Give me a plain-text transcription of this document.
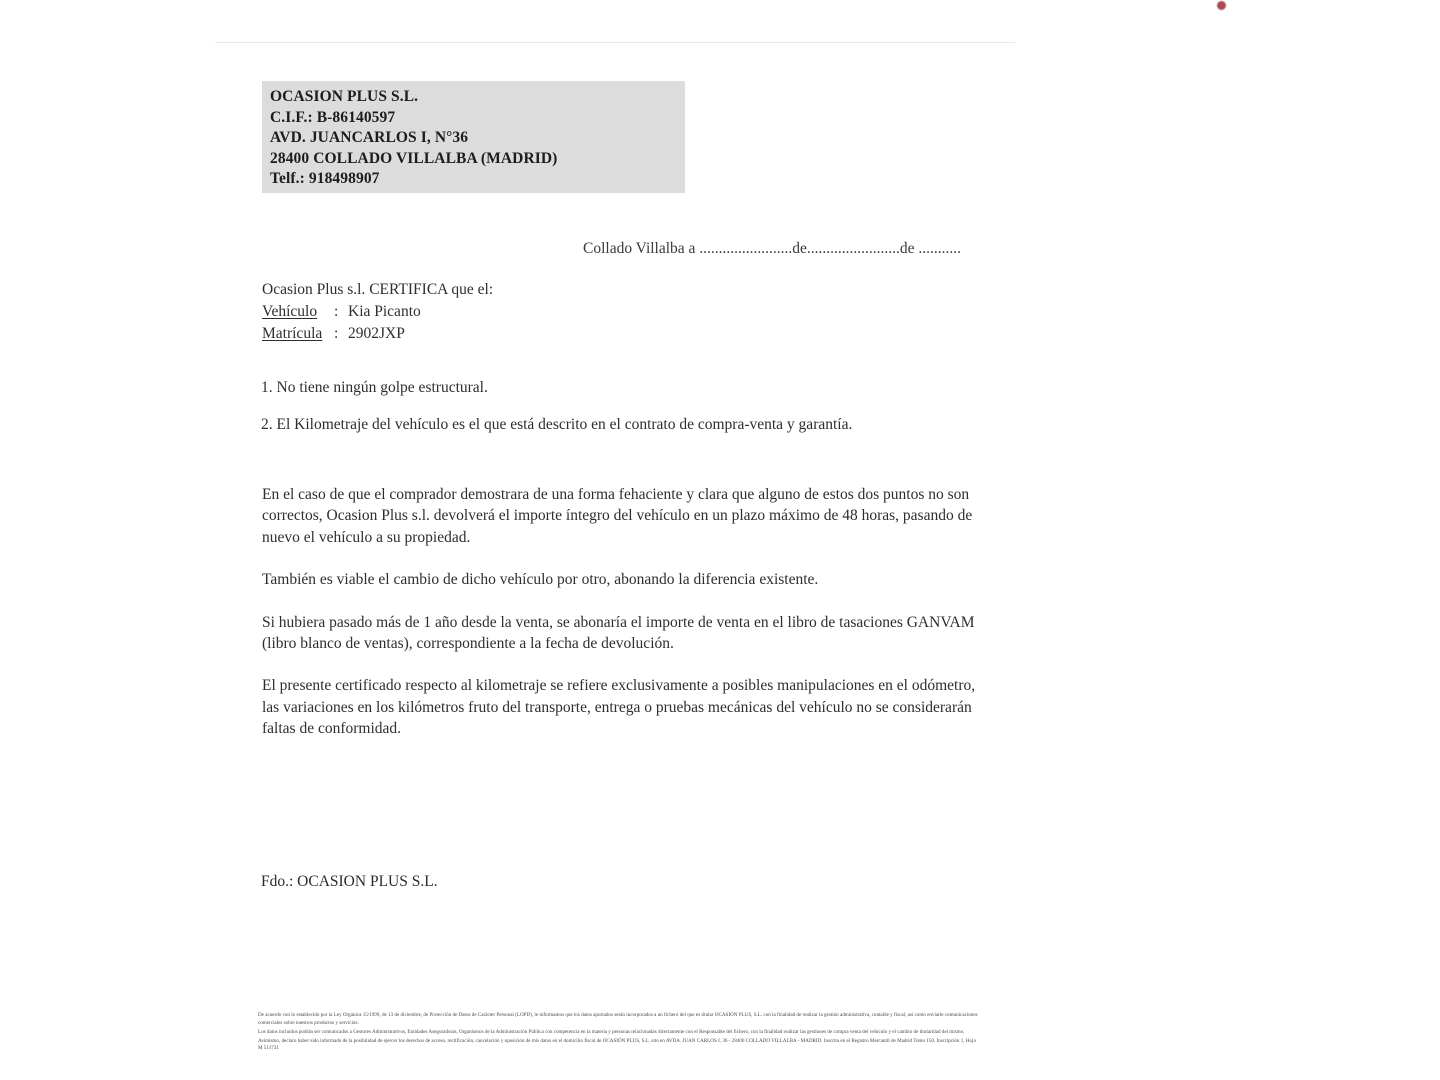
OCASION PLUS S.L.
C.I.F.: B-86140597
AVD. JUANCARLOS I, N°36
28400 COLLADO VILLALBA (MADRID)
Telf.: 918498907
Collado Villalba a ........................de........................de ...........
Ocasion Plus s.l. CERTIFICA que el:
Vehículo : Kia Picanto
Matrícula : 2902JXP
1. No tiene ningún golpe estructural.
2. El Kilometraje del vehículo es el que está descrito en el contrato de compra-venta y garantía.

En el caso de que el comprador demostrara de una forma fehaciente y clara que alguno de estos dos puntos no son correctos, Ocasion Plus s.l. devolverá el importe íntegro del vehículo en un plazo máximo de 48 horas, pasando de nuevo el vehículo a su propiedad.

También es viable el cambio de dicho vehículo por otro, abonando la diferencia existente.

Si hubiera pasado más de 1 año desde la venta, se abonaría el importe de venta en el libro de tasaciones GANVAM (libro blanco de ventas), correspondiente a la fecha de devolución.

El presente certificado respecto al kilometraje se refiere exclusivamente a posibles manipulaciones en el odómetro, las variaciones en los kilómetros fruto del transporte, entrega o pruebas mecánicas del vehículo no se considerarán faltas de conformidad.

Fdo.: OCASION PLUS S.L.

De acuerdo con lo establecido por la Ley Orgánica 15/1999, de 13 de diciembre, de Protección de Datos de Carácter Personal (LOPD), le informamos que los datos aportados serán incorporados a un fichero del que es titular OCASION PLUS, S.L. con la finalidad de realizar la gestión administrativa, contable y fiscal, así como enviarle comunicaciones comerciales sobre nuestros productos y servicios.

Los datos incluidos podrán ser comunicados a Gestores Administrativos, Entidades Aseguradoras, Organismos de la Administración Pública con competencia en la materia y personas relacionadas directamente con el Responsable del fichero, con la finalidad realizar las gestiones de compra venta del vehículo y el cambio de titularidad del mismo.

Asimismo, declaro haber sido informado de la posibilidad de ejercer los derechos de acceso, rectificación, cancelación y oposición de mis datos en el domicilio fiscal de OCASIÓN PLUS, S.L. sito en AVDA. JUAN CARLOS I, 36 - 28400 COLLADO VILLALBA - MADRID. Inscrita en el Registro Mercantil de Madrid Tomo 150, Inscripción 1, Hoja M 511731
